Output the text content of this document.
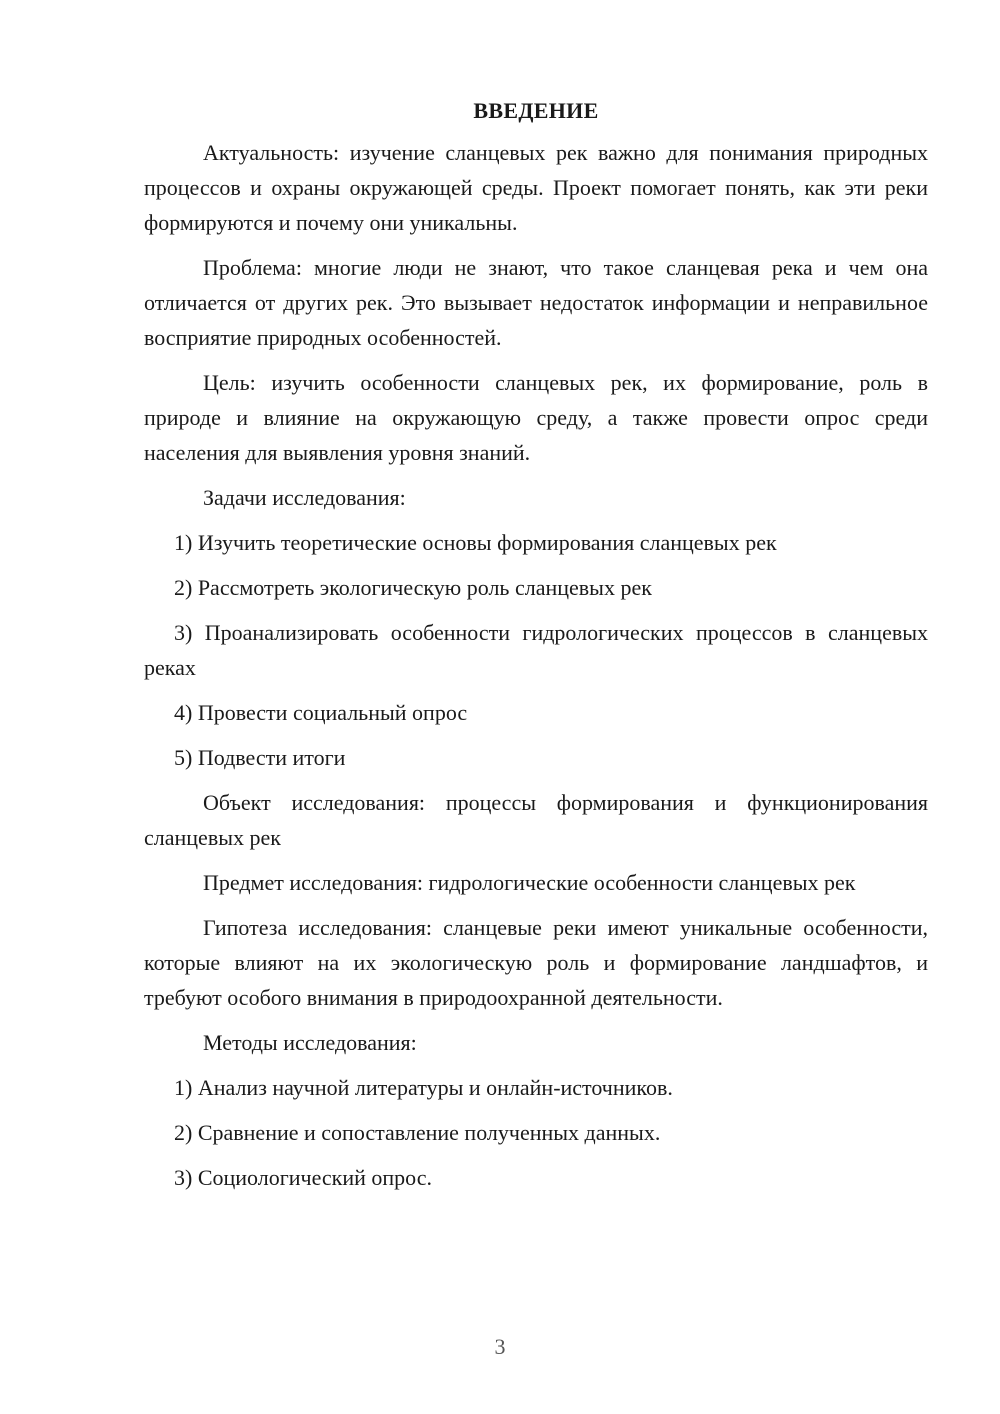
ВВЕДЕНИЕ
Актуальность: изучение сланцевых рек важно для понимания природных процессов и охраны окружающей среды. Проект помогает понять, как эти реки формируются и почему они уникальны.
Проблема: многие люди не знают, что такое сланцевая река и чем она отличается от других рек. Это вызывает недостаток информации и неправильное восприятие природных особенностей.
Цель: изучить особенности сланцевых рек, их формирование, роль в природе и влияние на окружающую среду, а также провести опрос среди населения для выявления уровня знаний.
Задачи исследования:
1) Изучить теоретические основы формирования сланцевых рек
2) Рассмотреть экологическую роль сланцевых рек
3) Проанализировать особенности гидрологических процессов в сланцевых реках
4) Провести социальный опрос
5) Подвести итоги
Объект исследования: процессы формирования и функционирования сланцевых рек
Предмет исследования: гидрологические особенности сланцевых рек
Гипотеза исследования: сланцевые реки имеют уникальные особенности, которые влияют на их экологическую роль и формирование ландшафтов, и требуют особого внимания в природоохранной деятельности.
Методы исследования:
1) Анализ научной литературы и онлайн-источников.
2) Сравнение и сопоставление полученных данных.
3) Социологический опрос.
3
